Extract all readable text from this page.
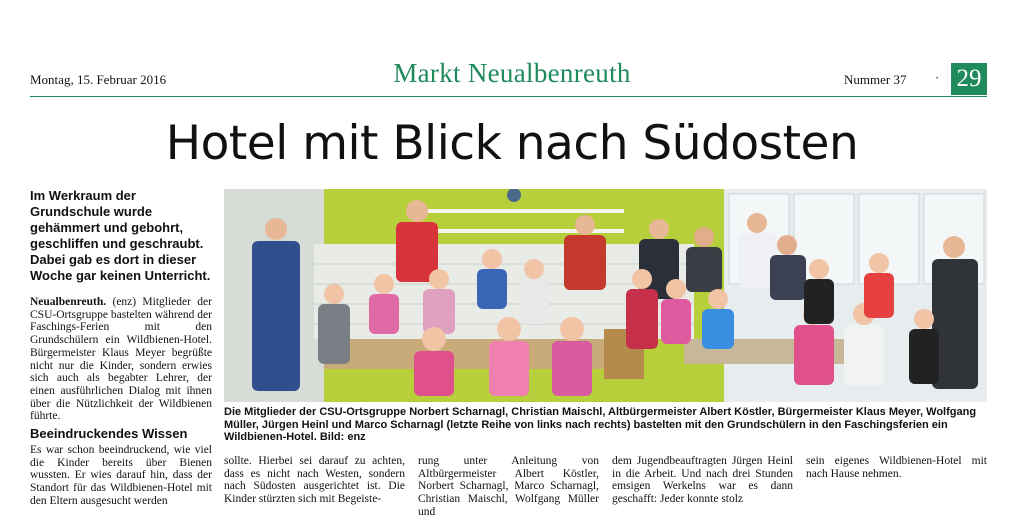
Montag, 15. Februar 2016	Markt Neualbenreuth	Nummer 37 · 29
Hotel mit Blick nach Südosten
Im Werkraum der Grundschule wurde gehämmert und gebohrt, geschliffen und geschraubt. Dabei gab es dort in dieser Woche gar keinen Unterricht.
Neualbenreuth. (enz) Mitglieder der CSU-Ortsgruppe bastelten während der Faschings-Ferien mit den Grundschülern ein Wildbienen-Hotel. Bürgermeister Klaus Meyer begrüßte nicht nur die Kinder, sondern erwies sich auch als begabter Lehrer, der einen ausführlichen Dialog mit ihnen über die Nützlichkeit der Wildbienen führte.
Beeindruckendes Wissen
Es war schon beeindruckend, wie viel die Kinder bereits über Bienen wussten. Er wies darauf hin, dass der Standort für das Wildbienen-Hotel mit den Eltern ausgesucht werden
Die Mitglieder der CSU-Ortsgruppe Norbert Scharnagl, Christian Maischl, Altbürgermeister Albert Köstler, Bürgermeister Klaus Meyer, Wolfgang Müller, Jürgen Heinl und Marco Scharnagl (letzte Reihe von links nach rechts) bastelten mit den Grundschülern in den Faschingsferien ein Wildbienen-Hotel. Bild: enz
sollte. Hierbei sei darauf zu achten, dass es nicht nach Westen, sondern nach Südosten ausgerichtet ist. Die Kinder stürzten sich mit Begeiste-
rung unter Anleitung von Altbürgermeister Albert Köstler, Norbert Scharnagl, Marco Scharnagl, Christian Maischl, Wolfgang Müller und
dem Jugendbeauftragten Jürgen Heinl in die Arbeit. Und nach drei Stunden emsigen Werkelns war es dann geschafft: Jeder konnte stolz
sein eigenes Wildbienen-Hotel mit nach Hause nehmen.
